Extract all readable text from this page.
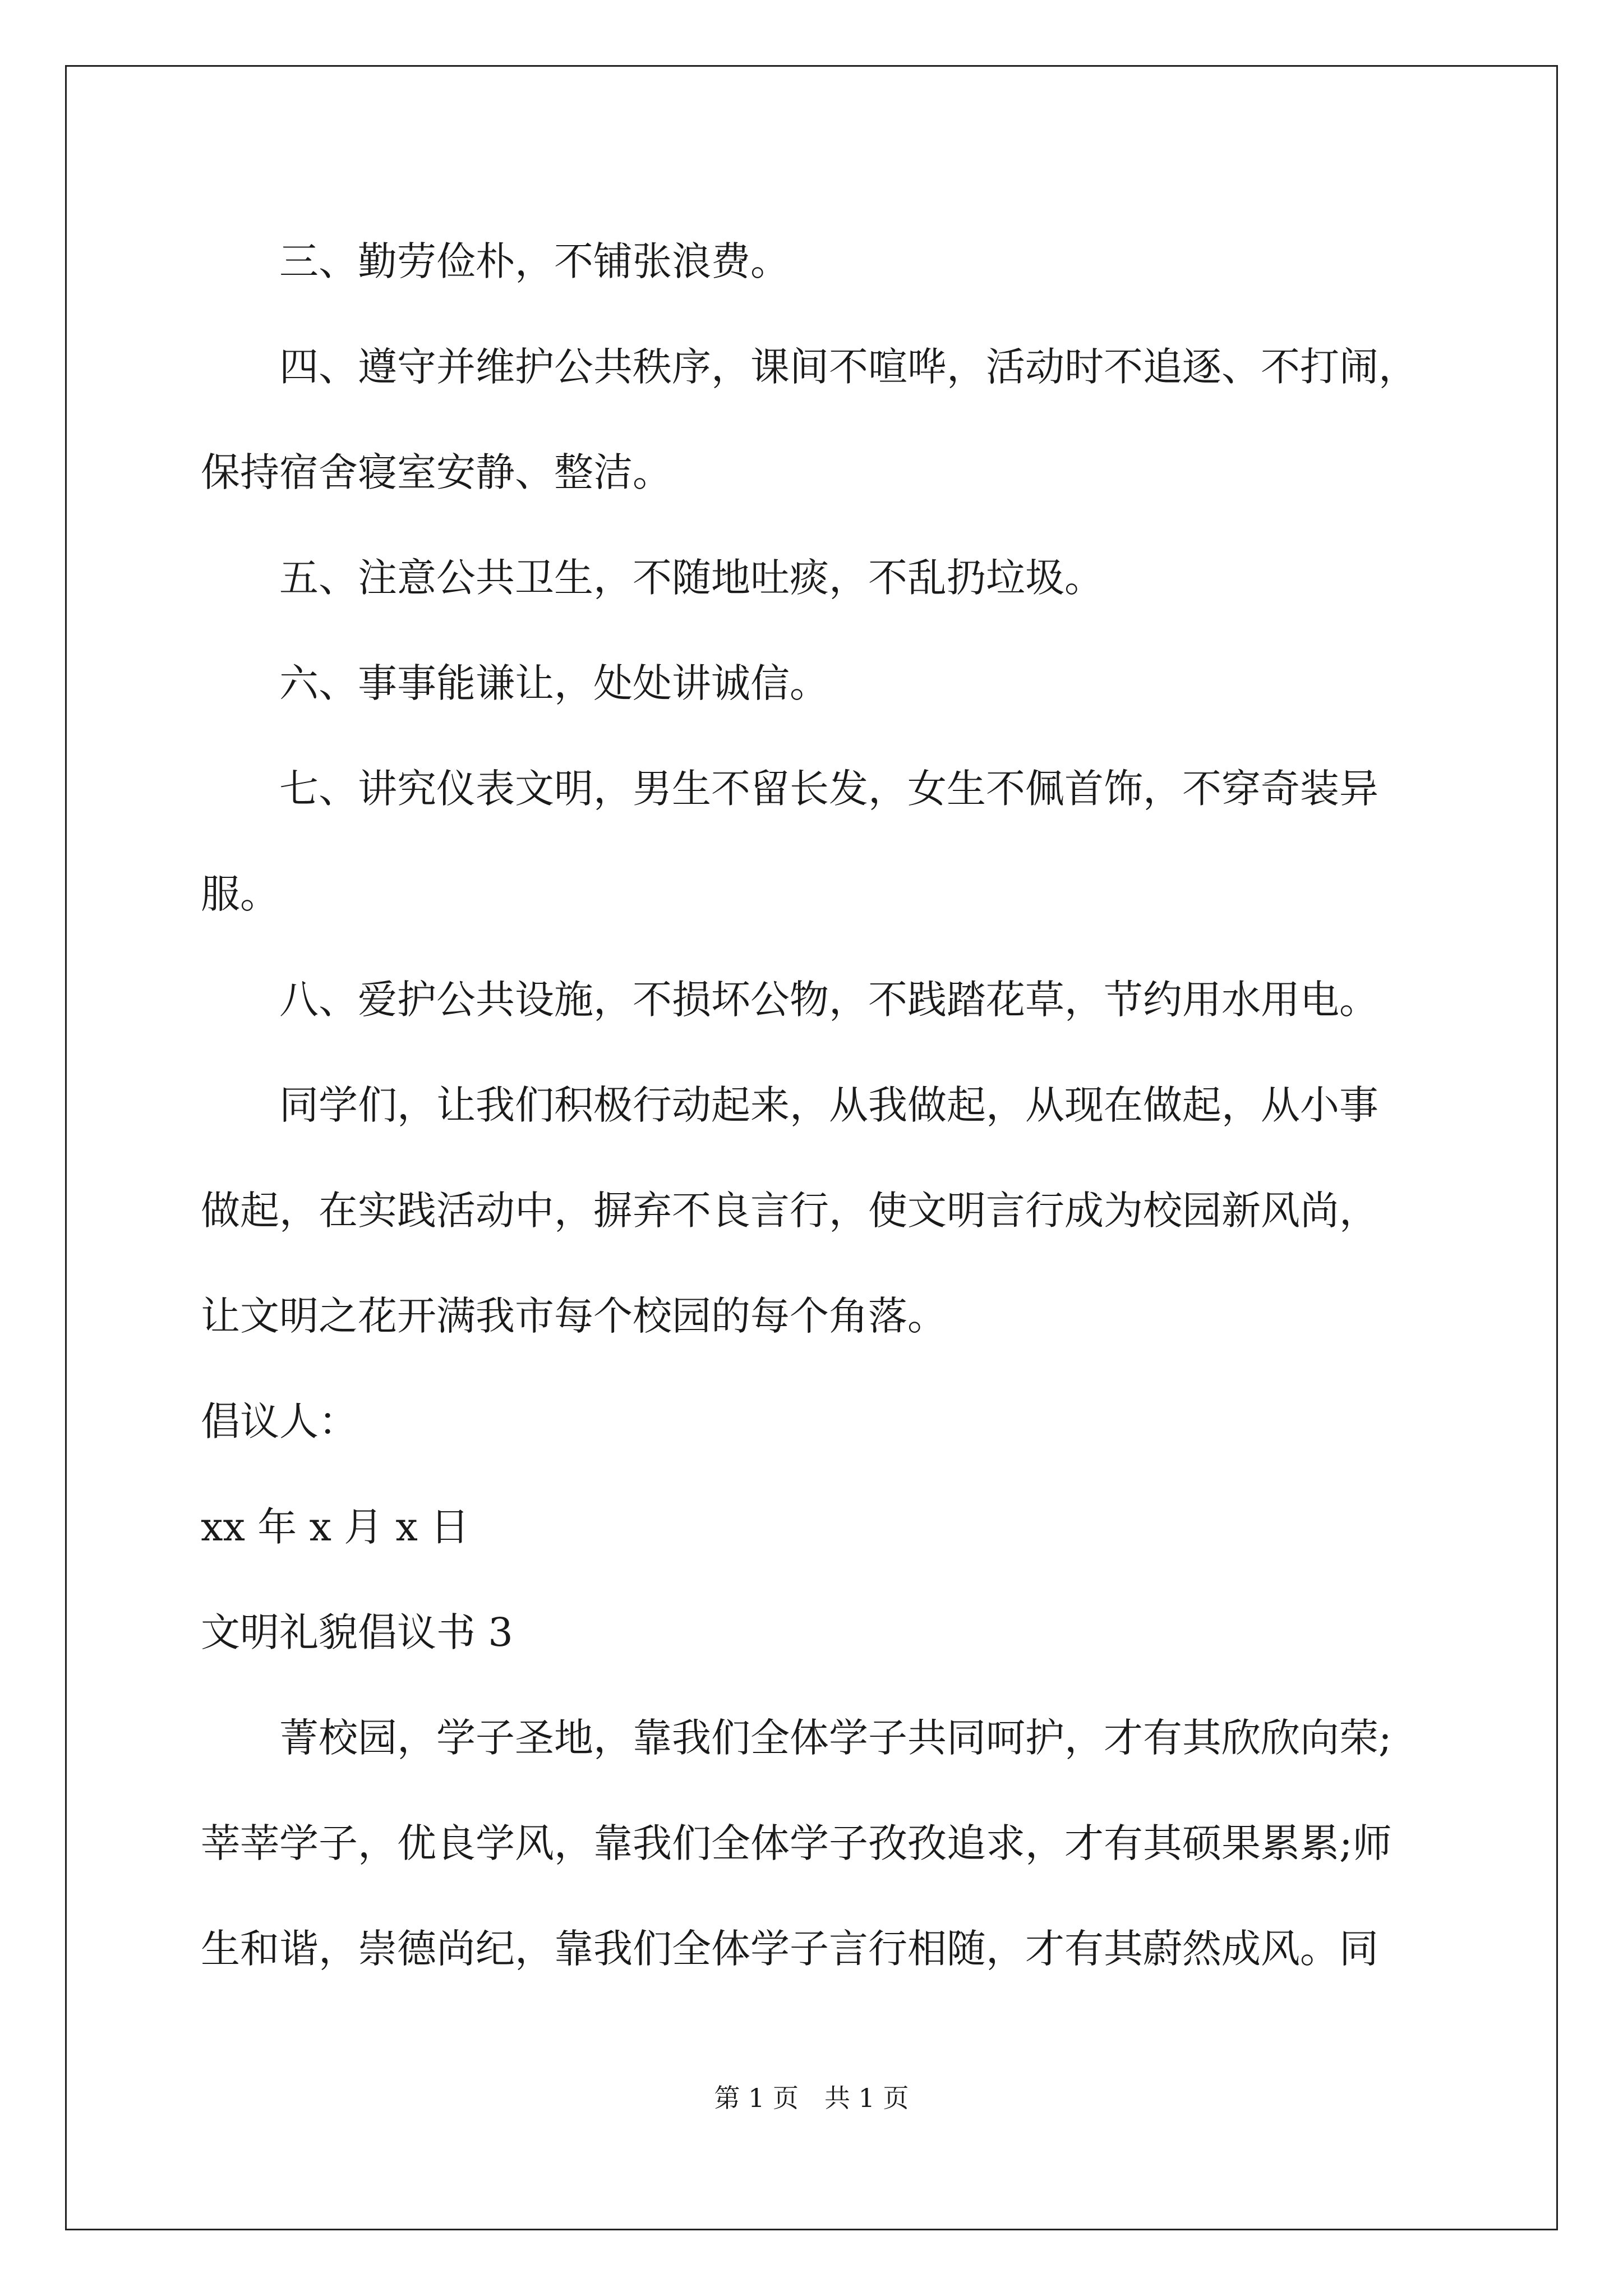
三、勤劳俭朴，不铺张浪费。
四、遵守并维护公共秩序，课间不喧哗，活动时不追逐、不打闹，
保持宿舍寝室安静、整洁。
五、注意公共卫生，不随地吐痰，不乱扔垃圾。
六、事事能谦让，处处讲诚信。
七、讲究仪表文明，男生不留长发，女生不佩首饰，不穿奇装异
服。
八、爱护公共设施，不损坏公物，不践踏花草，节约用水用电。
同学们，让我们积极行动起来，从我做起，从现在做起，从小事
做起，在实践活动中，摒弃不良言行，使文明言行成为校园新风尚，
让文明之花开满我市每个校园的每个角落。
倡议人：
xx 年 x 月 x 日
文明礼貌倡议书 3
菁校园，学子圣地，靠我们全体学子共同呵护，才有其欣欣向荣;
莘莘学子，优良学风，靠我们全体学子孜孜追求，才有其硕果累累;师
生和谐，崇德尚纪，靠我们全体学子言行相随，才有其蔚然成风。同
第 1 页　共 1 页
